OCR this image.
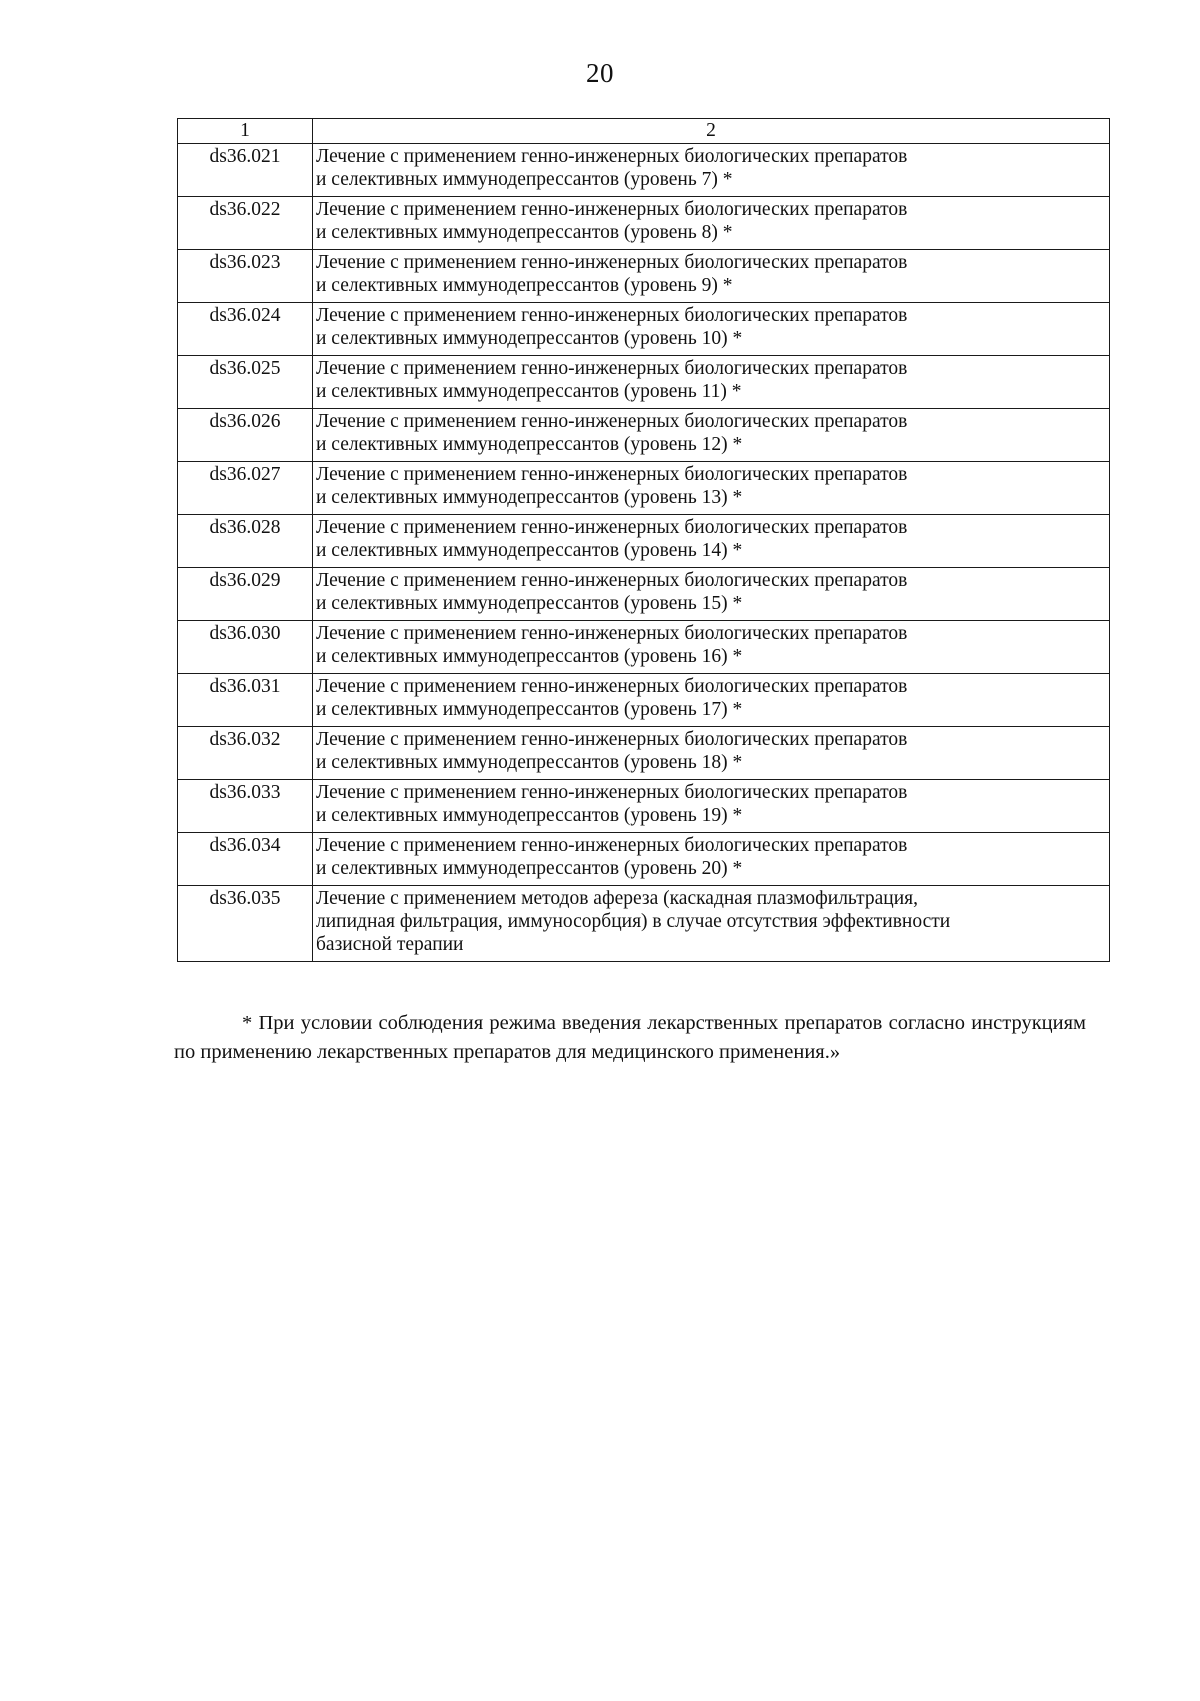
20
1	2
ds36.021	Лечение с применением генно-инженерных биологических препаратов
и селективных иммунодепрессантов (уровень 7) *

ds36.022	Лечение с применением генно-инженерных биологических препаратов
и селективных иммунодепрессантов (уровень 8) *

ds36.023	Лечение с применением генно-инженерных биологических препаратов
и селективных иммунодепрессантов (уровень 9) *

ds36.024	Лечение с применением генно-инженерных биологических препаратов
и селективных иммунодепрессантов (уровень 10) *

ds36.025	Лечение с применением генно-инженерных биологических препаратов
и селективных иммунодепрессантов (уровень 11) *

ds36.026	Лечение с применением генно-инженерных биологических препаратов
и селективных иммунодепрессантов (уровень 12) *

ds36.027	Лечение с применением генно-инженерных биологических препаратов
и селективных иммунодепрессантов (уровень 13) *

ds36.028	Лечение с применением генно-инженерных биологических препаратов
и селективных иммунодепрессантов (уровень 14) *

ds36.029	Лечение с применением генно-инженерных биологических препаратов
и селективных иммунодепрессантов (уровень 15) *

ds36.030	Лечение с применением генно-инженерных биологических препаратов
и селективных иммунодепрессантов (уровень 16) *

ds36.031	Лечение с применением генно-инженерных биологических препаратов
и селективных иммунодепрессантов (уровень 17) *

ds36.032	Лечение с применением генно-инженерных биологических препаратов
и селективных иммунодепрессантов (уровень 18) *

ds36.033	Лечение с применением генно-инженерных биологических препаратов
и селективных иммунодепрессантов (уровень 19) *

ds36.034	Лечение с применением генно-инженерных биологических препаратов
и селективных иммунодепрессантов (уровень 20) *

ds36.035	Лечение с применением методов афереза (каскадная плазмофильтрация,
липидная фильтрация, иммуносорбция) в случае отсутствия эффективности
базисной терапии
* При условии соблюдения режима введения лекарственных препаратов согласно инструкциям по применению лекарственных препаратов для медицинского применения.»
